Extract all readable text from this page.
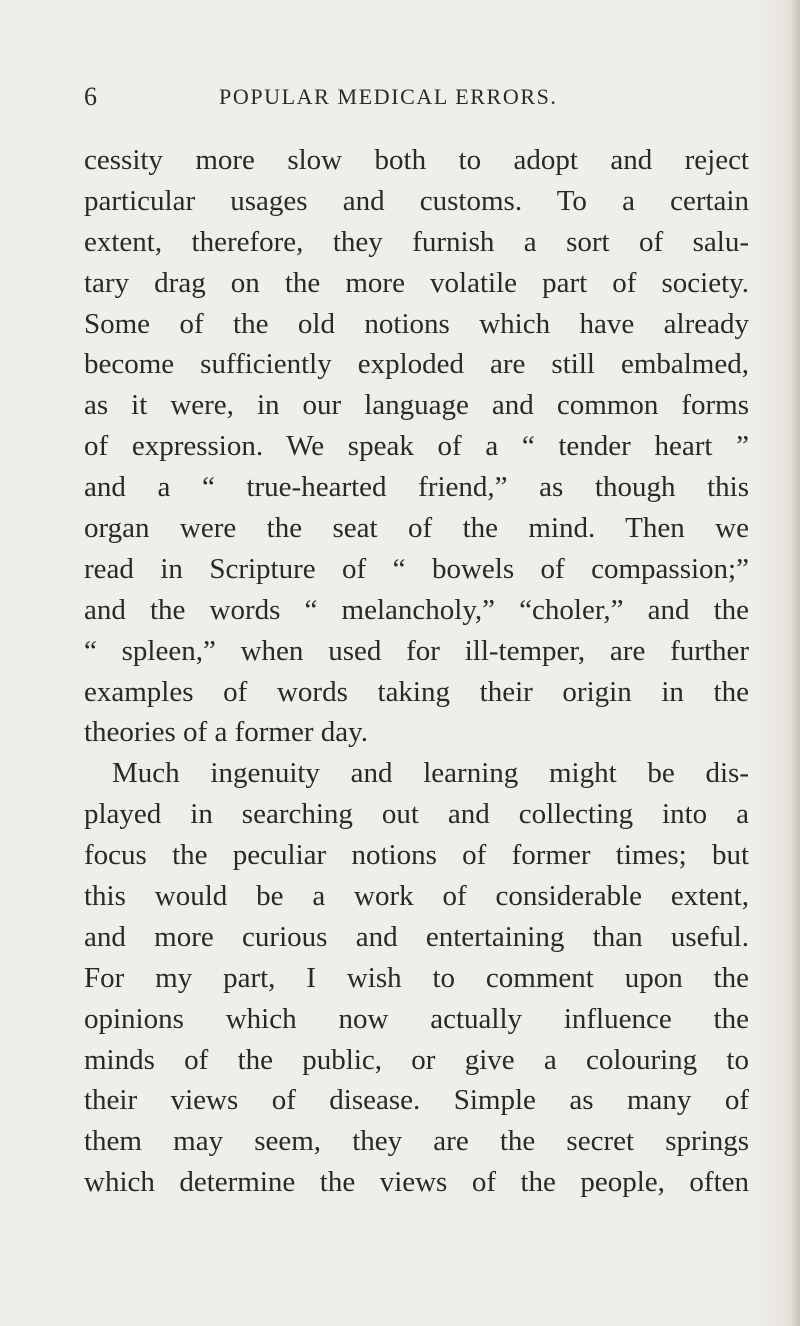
6	POPULAR MEDICAL ERRORS.
cessity more slow both to adopt and reject
particular usages and customs. To a certain
extent, therefore, they furnish a sort of salu-
tary drag on the more volatile part of society.
Some of the old notions which have already
become sufficiently exploded are still embalmed,
as it were, in our language and common forms
of expression. We speak of a “ tender heart ”
and a “ true-hearted friend,” as though this
organ were the seat of the mind. Then we
read in Scripture of “ bowels of compassion;”
and the words “ melancholy,” “choler,” and the
“ spleen,” when used for ill-temper, are further
examples of words taking their origin in the
theories of a former day.
Much ingenuity and learning might be dis-
played in searching out and collecting into a
focus the peculiar notions of former times; but
this would be a work of considerable extent,
and more curious and entertaining than useful.
For my part, I wish to comment upon the
opinions which now actually influence the
minds of the public, or give a colouring to
their views of disease. Simple as many of
them may seem, they are the secret springs
which determine the views of the people, often
